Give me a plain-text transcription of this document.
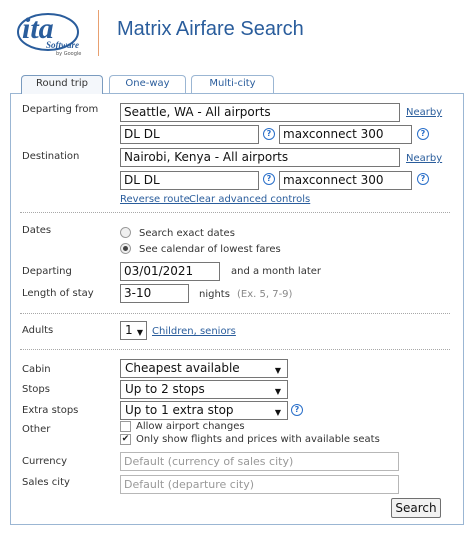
ita
Software
by Google
Matrix Airfare Search
Round trip	One-way	Multi-city
Departing from	Seattle, WA - All airports	Nearby
DL DL	? maxconnect 300	?
Destination	Nairobi, Kenya - All airports	Nearby
DL DL	? maxconnect 300	?
Reverse route Clear advanced controls
Dates	Search exact dates
See calendar of lowest fares
Departing	03/01/2021	and a month later
Length of stay	3-10	nights (Ex. 5, 7-9)
Adults	1 ▼ Children, seniors
Cabin	Cheapest available	▼
Stops	Up to 2 stops	▼
Extra stops	Up to 1 extra stop	▼	?
Other	Allow airport changes
✔ Only show flights and prices with available seats
Currency	Default (currency of sales city)
Sales city	Default (departure city)
Search
